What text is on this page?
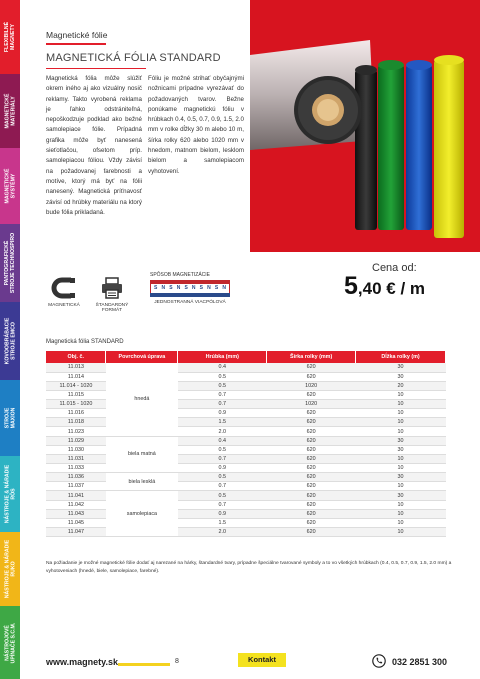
FLEXIBILNÉ
MAGNETY
MAGNETICKÉ
MATERIÁLY
MAGNETICKÉ
SYSTÉMY
PANTOGRAFICKÉ
STROJE TECHNOSPIRO
KOVOOBRÁBACIE
STROJE EMCO
STROJE
MAXION
NÁSTROJE & NÁRADIE
RÖS
NÁSTROJE & NÁRADIE
RUKO
NÁSTROJOVÉ
UPÍNAČE S.C.M.
Magnetické fólie
MAGNETICKÁ FÓLIA STANDARD
Magnetická fólia môže slúžiť okrem iného aj ako vizuálny nosič reklamy. Takto vyrobená reklama je ľahko odstrániteľná, nepoškodzuje podklad ako bežné samolepiace fólie. Prípadná grafika môže byť nanesená sieťotlačou, ofsetom príp. samolepiacou fóliou. Vždy závisí na požadovanej farebnosti a motíve, ktorý má byť na fólii nanesený. Magnetická príťnavosť závisí od hrúbky materiálu na ktorý bude fólia prikladaná.
Fóliu je možné strihať obyčajnými nožnicami prípadne vyrezávať do požadovaných tvarov. Bežne ponúkame magnetickú fóliu v hrúbkach 0.4, 0.5, 0.7, 0.9, 1.5, 2.0 mm v rolke dĺžky 30 m alebo 10 m, šírka rolky 620 alebo 1020 mm v hnedom, matnom bielom, lesklom bielom a samolepiacom vyhotovení.
MAGNETICKÁ	ŠTANDARDNÝ FORMÁT
SPÔSOB MAGNETIZÁCIE
S N S N S N S N S N
JEDNOSTRANNÁ VIACPÓLOVÁ
Cena od:
5,40 € / m
Magnetická fólia STANDARD
Obj. č.	Povrchová úprava	Hrúbka (mm)	Šírka rolky (mm)	Dĺžka rolky (m)
11.013	hnedá	0.4	620	30
11.014		0.5	620	30
11.014 - 1020		0.5	1020	20
11.015		0.7	620	10
11.015 - 1020		0.7	1020	10
11.016		0.9	620	10
11.018		1.5	620	10
11.023		2.0	620	10
11.029	biela matná	0.4	620	30
11.030		0.5	620	30
11.031		0.7	620	10
11.033		0.9	620	10
11.036	biela lesklá	0.5	620	30
11.037		0.7	620	10
11.041	samolepiaca	0.5	620	30
11.042		0.7	620	10
11.043		0.9	620	10
11.045		1.5	620	10
11.047		2.0	620	10
Na požiadanie je možné magnetické fólie dodať aj narezané na hárky, štandardné tvary, prípadne špeciálne tvarované symboly a to vo všetkých hrúbkach (0.4, 0.5, 0.7, 0.9, 1.5, 2.0 mm) a vyhotoveniach (hnedé, biele, samolepiace, farebné).
www.magnety.sk	8	Kontakt	032 2851 300
